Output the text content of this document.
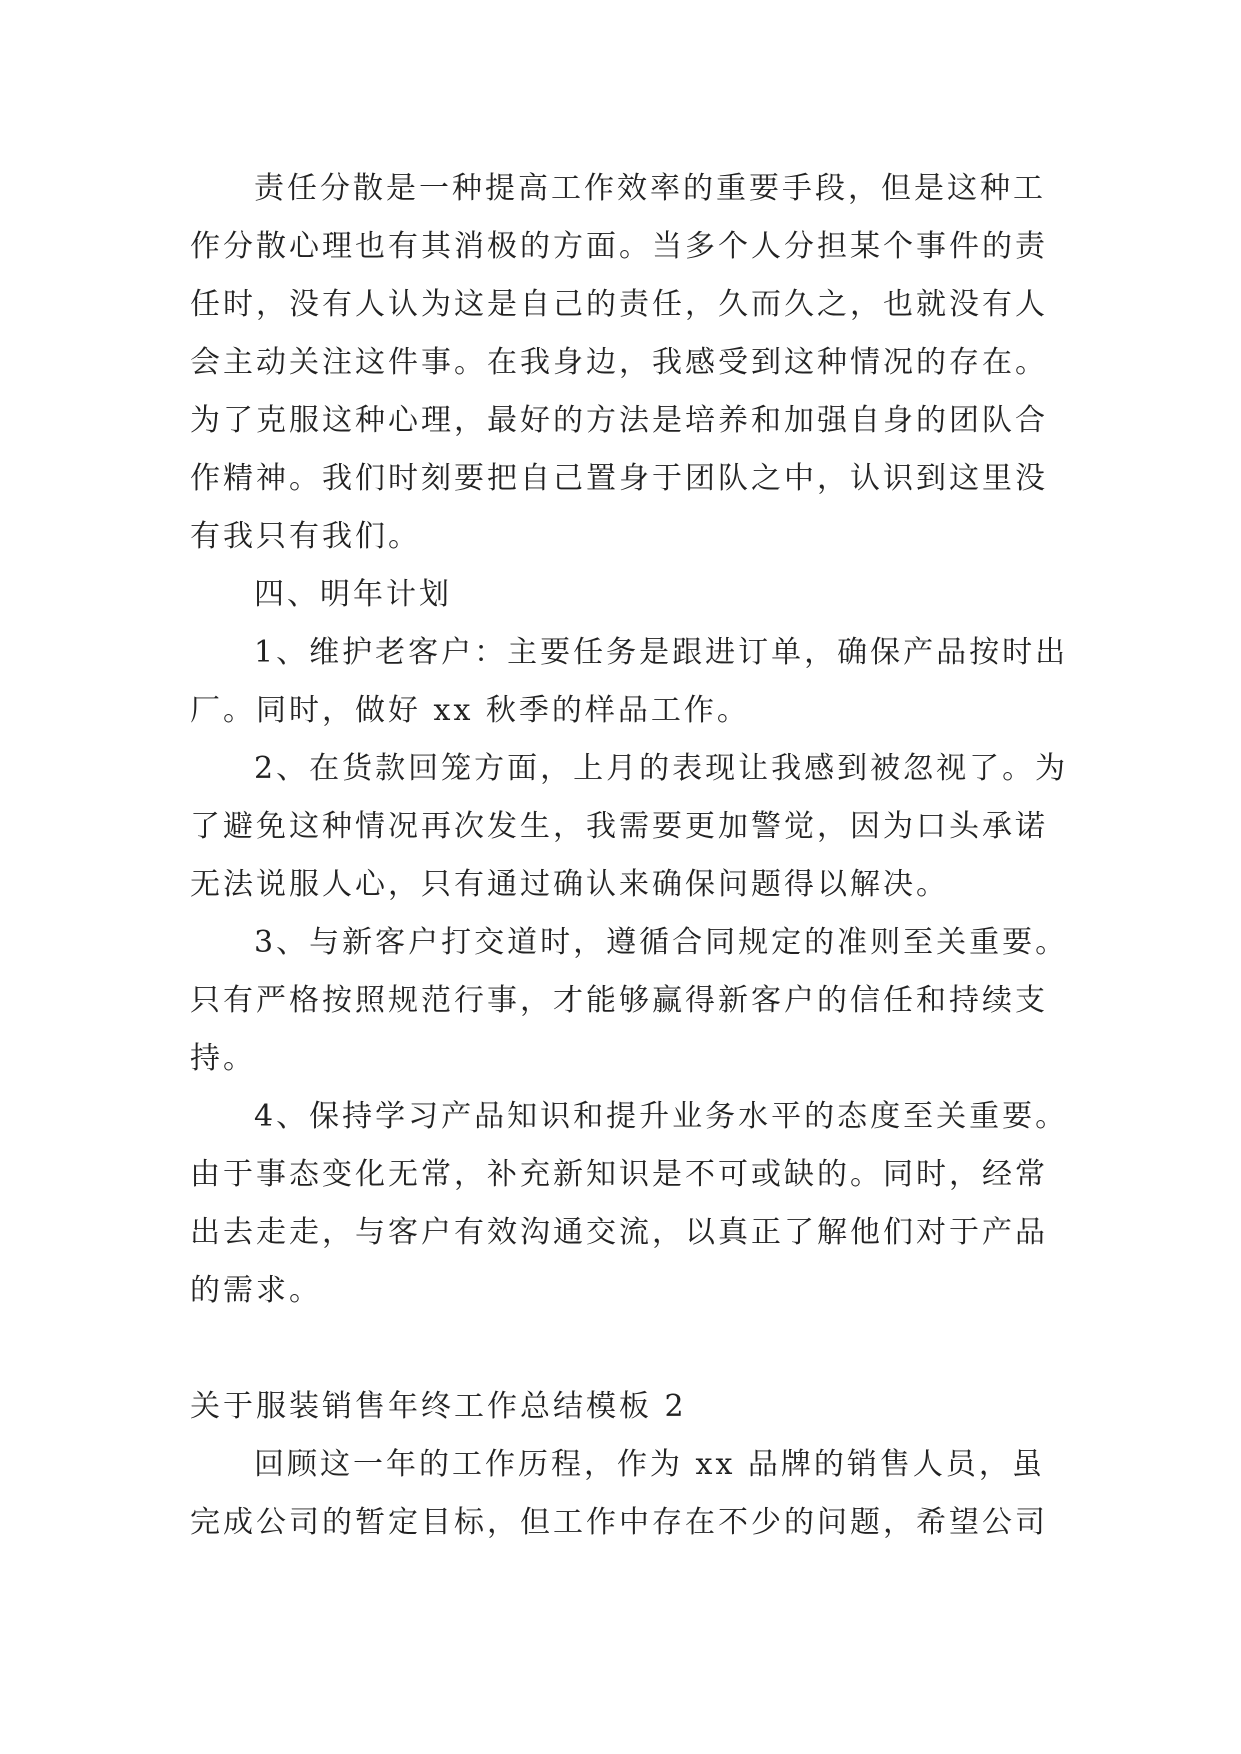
责任分散是一种提高工作效率的重要手段，但是这种工作分散心理也有其消极的方面。当多个人分担某个事件的责任时，没有人认为这是自己的责任，久而久之，也就没有人会主动关注这件事。在我身边，我感受到这种情况的存在。为了克服这种心理，最好的方法是培养和加强自身的团队合作精神。我们时刻要把自己置身于团队之中，认识到这里没有我只有我们。

四、明年计划

1、维护老客户：主要任务是跟进订单，确保产品按时出厂。同时，做好 xx 秋季的样品工作。

2、在货款回笼方面，上月的表现让我感到被忽视了。为了避免这种情况再次发生，我需要更加警觉，因为口头承诺无法说服人心，只有通过确认来确保问题得以解决。

3、与新客户打交道时，遵循合同规定的准则至关重要。只有严格按照规范行事，才能够赢得新客户的信任和持续支持。

4、保持学习产品知识和提升业务水平的态度至关重要。由于事态变化无常，补充新知识是不可或缺的。同时，经常出去走走，与客户有效沟通交流，以真正了解他们对于产品的需求。

关于服装销售年终工作总结模板 2

回顾这一年的工作历程，作为 xx 品牌的销售人员，虽完成公司的暂定目标，但工作中存在不少的问题，希望公司
